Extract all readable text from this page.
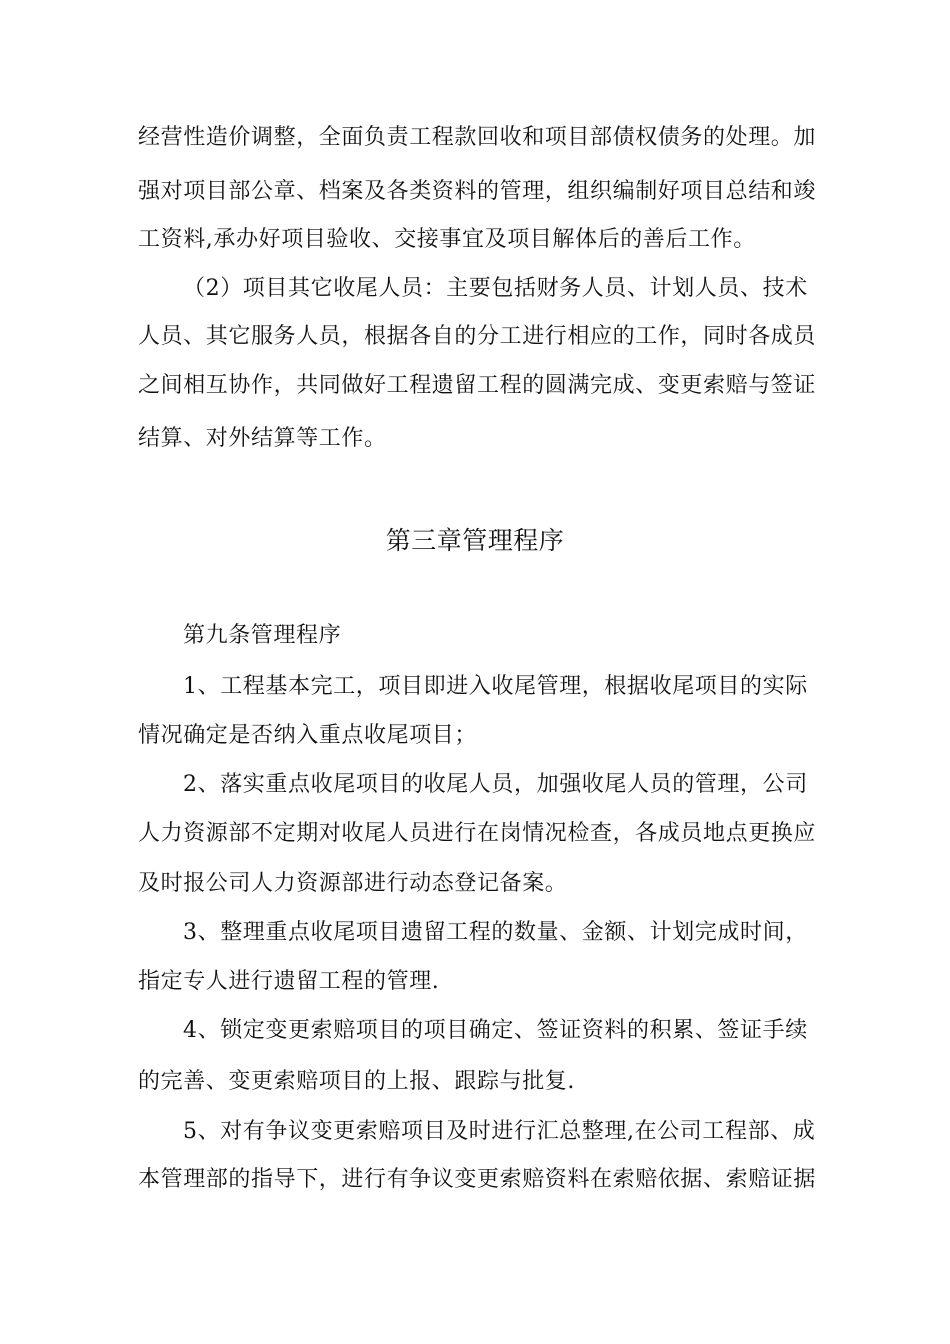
经营性造价调整，全面负责工程款回收和项目部债权债务的处理。加
强对项目部公章、档案及各类资料的管理，组织编制好项目总结和竣
工资料,承办好项目验收、交接事宜及项目解体后的善后工作。
（2）项目其它收尾人员：主要包括财务人员、计划人员、技术
人员、其它服务人员，根据各自的分工进行相应的工作，同时各成员
之间相互协作，共同做好工程遗留工程的圆满完成、变更索赔与签证
结算、对外结算等工作。
第三章管理程序
第九条管理程序
1、工程基本完工，项目即进入收尾管理，根据收尾项目的实际
情况确定是否纳入重点收尾项目；
2、落实重点收尾项目的收尾人员，加强收尾人员的管理，公司
人力资源部不定期对收尾人员进行在岗情况检查，各成员地点更换应
及时报公司人力资源部进行动态登记备案。
3、整理重点收尾项目遗留工程的数量、金额、计划完成时间，
指定专人进行遗留工程的管理.
4、锁定变更索赔项目的项目确定、签证资料的积累、签证手续
的完善、变更索赔项目的上报、跟踪与批复.
5、对有争议变更索赔项目及时进行汇总整理,在公司工程部、成
本管理部的指导下，进行有争议变更索赔资料在索赔依据、索赔证据
